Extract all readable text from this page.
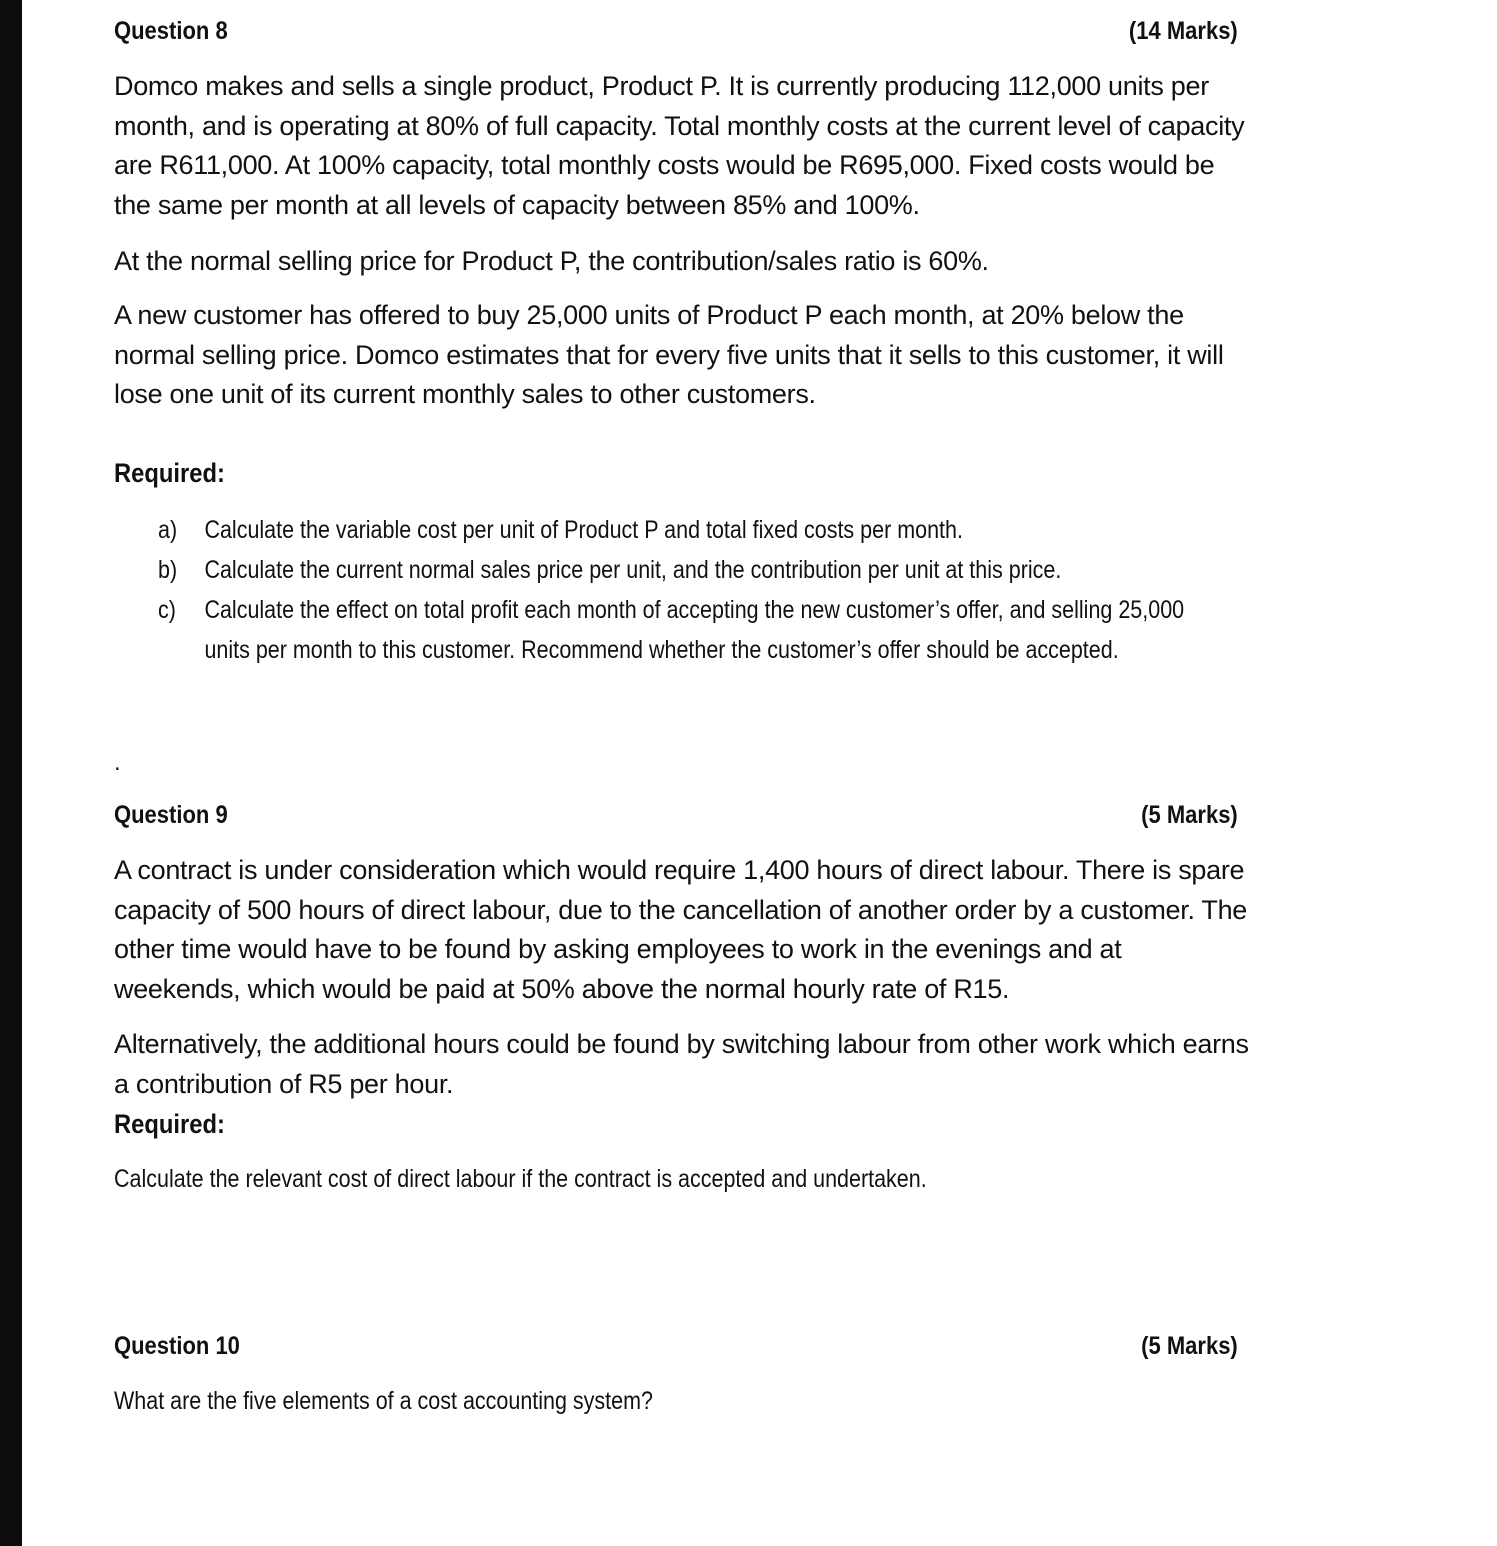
Question 8	(14 Marks)

Domco makes and sells a single product, Product P. It is currently producing 112,000 units per month, and is operating at 80% of full capacity. Total monthly costs at the current level of capacity are R611,000. At 100% capacity, total monthly costs would be R695,000. Fixed costs would be the same per month at all levels of capacity between 85% and 100%.

At the normal selling price for Product P, the contribution/sales ratio is 60%.

A new customer has offered to buy 25,000 units of Product P each month, at 20% below the normal selling price. Domco estimates that for every five units that it sells to this customer, it will lose one unit of its current monthly sales to other customers.

Required:

a)	Calculate the variable cost per unit of Product P and total fixed costs per month.
b)	Calculate the current normal sales price per unit, and the contribution per unit at this price.
c)	Calculate the effect on total profit each month of accepting the new customer’s offer, and selling 25,000 units per month to this customer. Recommend whether the customer’s offer should be accepted.
.
Question 9	(5 Marks)

A contract is under consideration which would require 1,400 hours of direct labour. There is spare capacity of 500 hours of direct labour, due to the cancellation of another order by a customer. The other time would have to be found by asking employees to work in the evenings and at weekends, which would be paid at 50% above the normal hourly rate of R15.

Alternatively, the additional hours could be found by switching labour from other work which earns a contribution of R5 per hour.

Required:

Calculate the relevant cost of direct labour if the contract is accepted and undertaken.

Question 10	(5 Marks)

What are the five elements of a cost accounting system?
